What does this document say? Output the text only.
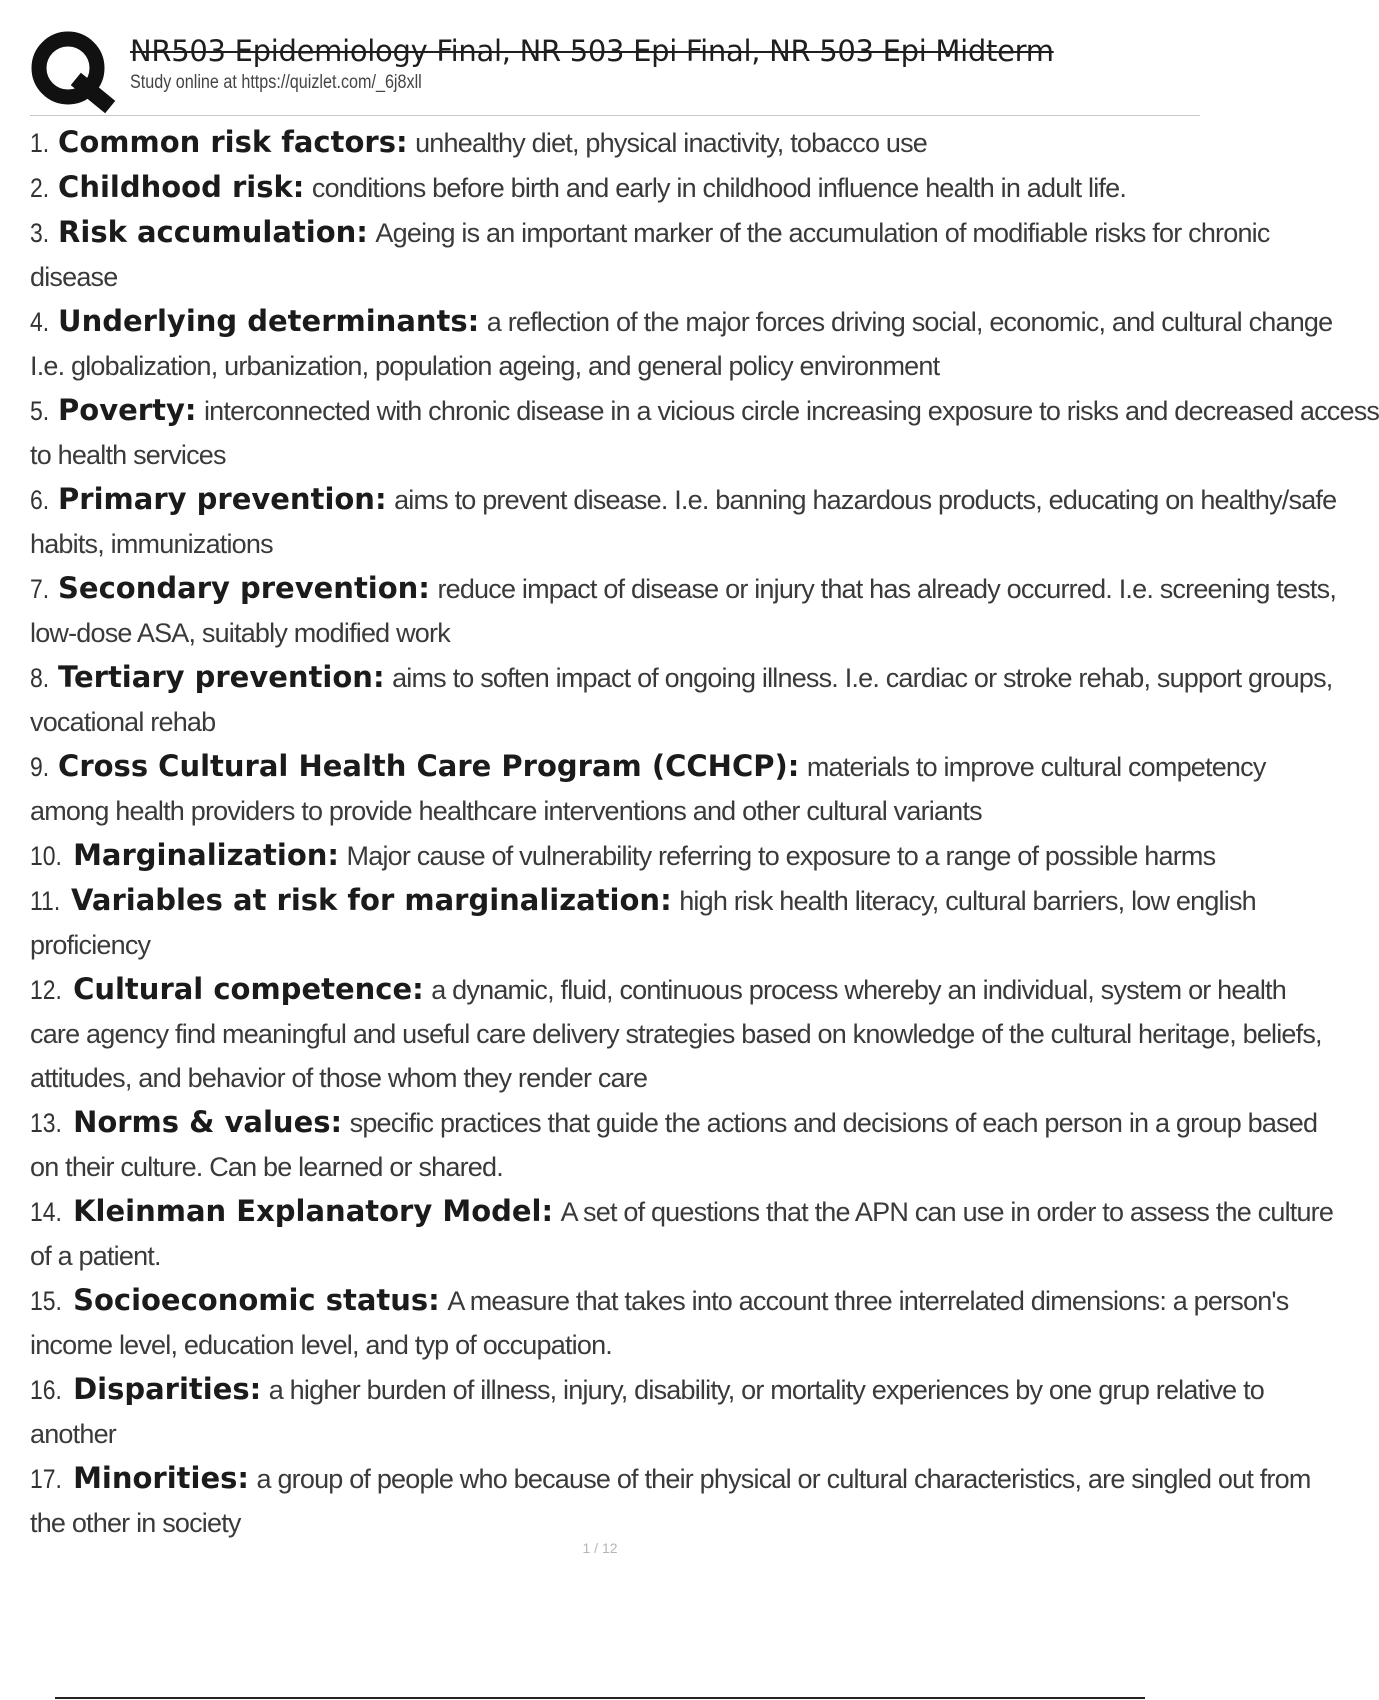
NR503 Epidemiology Final, NR 503 Epi Final, NR 503 Epi Midterm
Study online at https://quizlet.com/_6j8xll
1. Common risk factors: unhealthy diet, physical inactivity, tobacco use
2. Childhood risk: conditions before birth and early in childhood influence health in adult life.
3. Risk accumulation: Ageing is an important marker of the accumulation of modifiable risks for chronic
disease
4. Underlying determinants: a reflection of the major forces driving social, economic, and cultural change
I.e. globalization, urbanization, population ageing, and general policy environment
5. Poverty: interconnected with chronic disease in a vicious circle increasing exposure to risks and decreased access
to health services
6. Primary prevention: aims to prevent disease. I.e. banning hazardous products, educating on healthy/safe
habits, immunizations
7. Secondary prevention: reduce impact of disease or injury that has already occurred. I.e. screening tests,
low-dose ASA, suitably modified work
8. Tertiary prevention: aims to soften impact of ongoing illness. I.e. cardiac or stroke rehab, support groups,
vocational rehab
9. Cross Cultural Health Care Program (CCHCP): materials to improve cultural competency
among health providers to provide healthcare interventions and other cultural variants
10. Marginalization: Major cause of vulnerability referring to exposure to a range of possible harms
11. Variables at risk for marginalization: high risk health literacy, cultural barriers, low english
proficiency
12. Cultural competence: a dynamic, fluid, continuous process whereby an individual, system or health
care agency find meaningful and useful care delivery strategies based on knowledge of the cultural heritage, beliefs,
attitudes, and behavior of those whom they render care
13. Norms & values: specific practices that guide the actions and decisions of each person in a group based
on their culture. Can be learned or shared.
14. Kleinman Explanatory Model: A set of questions that the APN can use in order to assess the culture
of a patient.
15. Socioeconomic status: A measure that takes into account three interrelated dimensions: a person's
income level, education level, and typ of occupation.
16. Disparities: a higher burden of illness, injury, disability, or mortality experiences by one grup relative to
another
17. Minorities: a group of people who because of their physical or cultural characteristics, are singled out from
the other in society
1 / 12
